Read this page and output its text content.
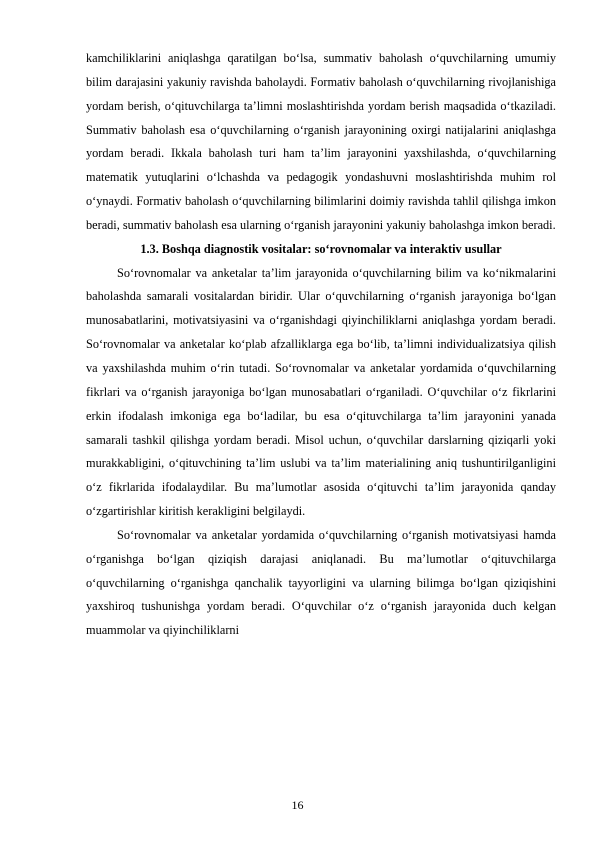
kamchiliklarini aniqlashga qaratilgan bo‘lsa, summativ baholash o‘quvchilarning umumiy bilim darajasini yakuniy ravishda baholaydi. Formativ baholash o‘quvchilarning rivojlanishiga yordam berish, o‘qituvchilarga ta’limni moslashtirishda yordam berish maqsadida o‘tkaziladi. Summativ baholash esa o‘quvchilarning o‘rganish jarayonining oxirgi natijalarini aniqlashga yordam beradi. Ikkala baholash turi ham ta’lim jarayonini yaxshilashda, o‘quvchilarning matematik yutuqlarini o‘lchashda va pedagogik yondashuvni moslashtirishda muhim rol o‘ynaydi. Formativ baholash o‘quvchilarning bilimlarini doimiy ravishda tahlil qilishga imkon beradi, summativ baholash esa ularning o‘rganish jarayonini yakuniy baholashga imkon beradi.

1.3. Boshqa diagnostik vositalar: so‘rovnomalar va interaktiv usullar

So‘rovnomalar va anketalar ta’lim jarayonida o‘quvchilarning bilim va ko‘nikmalarini baholashda samarali vositalardan biridir. Ular o‘quvchilarning o‘rganish jarayoniga bo‘lgan munosabatlarini, motivatsiyasini va o‘rganishdagi qiyinchiliklarni aniqlashga yordam beradi. So‘rovnomalar va anketalar ko‘plab afzalliklarga ega bo‘lib, ta’limni individualizatsiya qilish va yaxshilashda muhim o‘rin tutadi. So‘rovnomalar va anketalar yordamida o‘quvchilarning fikrlari va o‘rganish jarayoniga bo‘lgan munosabatlari o‘rganiladi. O‘quvchilar o‘z fikrlarini erkin ifodalash imkoniga ega bo‘ladilar, bu esa o‘qituvchilarga ta’lim jarayonini yanada samarali tashkil qilishga yordam beradi. Misol uchun, o‘quvchilar darslarning qiziqarli yoki murakkabligini, o‘qituvchining ta’lim uslubi va ta’lim materialining aniq tushuntirilganligini o‘z fikrlarida ifodalaydilar. Bu ma’lumotlar asosida o‘qituvchi ta’lim jarayonida qanday o‘zgartirishlar kiritish kerakligini belgilaydi.

So‘rovnomalar va anketalar yordamida o‘quvchilarning o‘rganish motivatsiyasi hamda o‘rganishga bo‘lgan qiziqish darajasi aniqlanadi. Bu ma’lumotlar o‘qituvchilarga o‘quvchilarning o‘rganishga qanchalik tayyorligini va ularning bilimga bo‘lgan qiziqishini yaxshiroq tushunishga yordam beradi. O‘quvchilar o‘z o‘rganish jarayonida duch kelgan muammolar va qiyinchiliklarni

16
